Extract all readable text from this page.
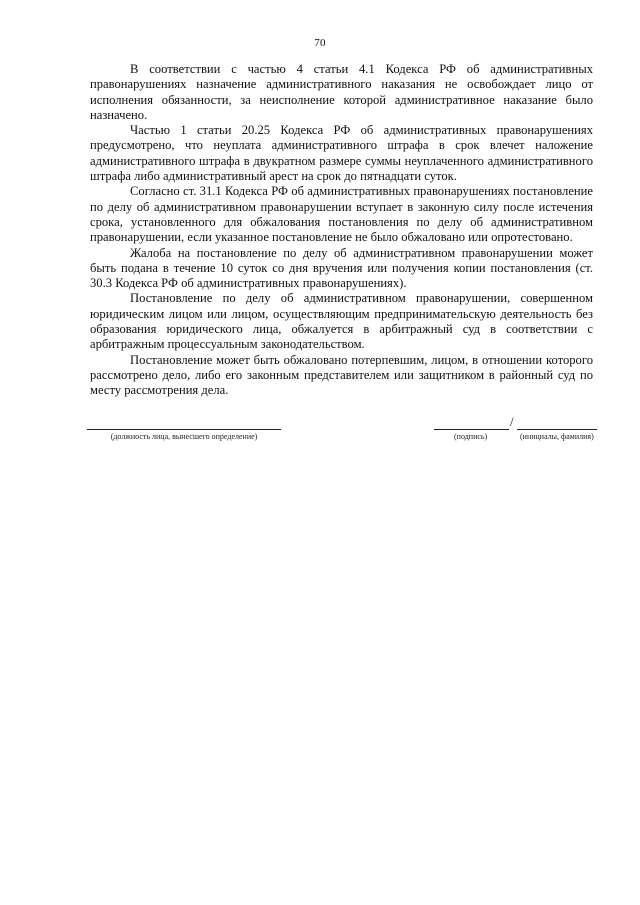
70

В соответствии с частью 4 статьи 4.1 Кодекса РФ об административных правонарушениях назначение административного наказания не освобождает лицо от исполнения обязанности, за неисполнение которой административное наказание было назначено.

Частью 1 статьи 20.25 Кодекса РФ об административных правонарушениях предусмотрено, что неуплата административного штрафа в срок влечет наложение административного штрафа в двукратном размере суммы неуплаченного административного штрафа либо административный арест на срок до пятнадцати суток.

Согласно ст. 31.1 Кодекса РФ об административных правонарушениях постановление по делу об административном правонарушении вступает в законную силу после истечения срока, установленного для обжалования постановления по делу об административном правонарушении, если указанное постановление не было обжаловано или опротестовано.

Жалоба на постановление по делу об административном правонарушении может быть подана в течение 10 суток со дня вручения или получения копии постановления (ст. 30.3 Кодекса РФ об административных правонарушениях).

Постановление по делу об административном правонарушении, совершенном юридическим лицом или лицом, осуществляющим предпринимательскую деятельность без образования юридического лица, обжалуется в арбитражный суд в соответствии с арбитражным процессуальным законодательством.

Постановление может быть обжаловано потерпевшим, лицом, в отношении которого рассмотрено дело, либо его законным представителем или защитником в районный суд по месту рассмотрения дела.

(должность лица, вынесшего определение)
/
(подпись)	(инициалы, фамилия)
